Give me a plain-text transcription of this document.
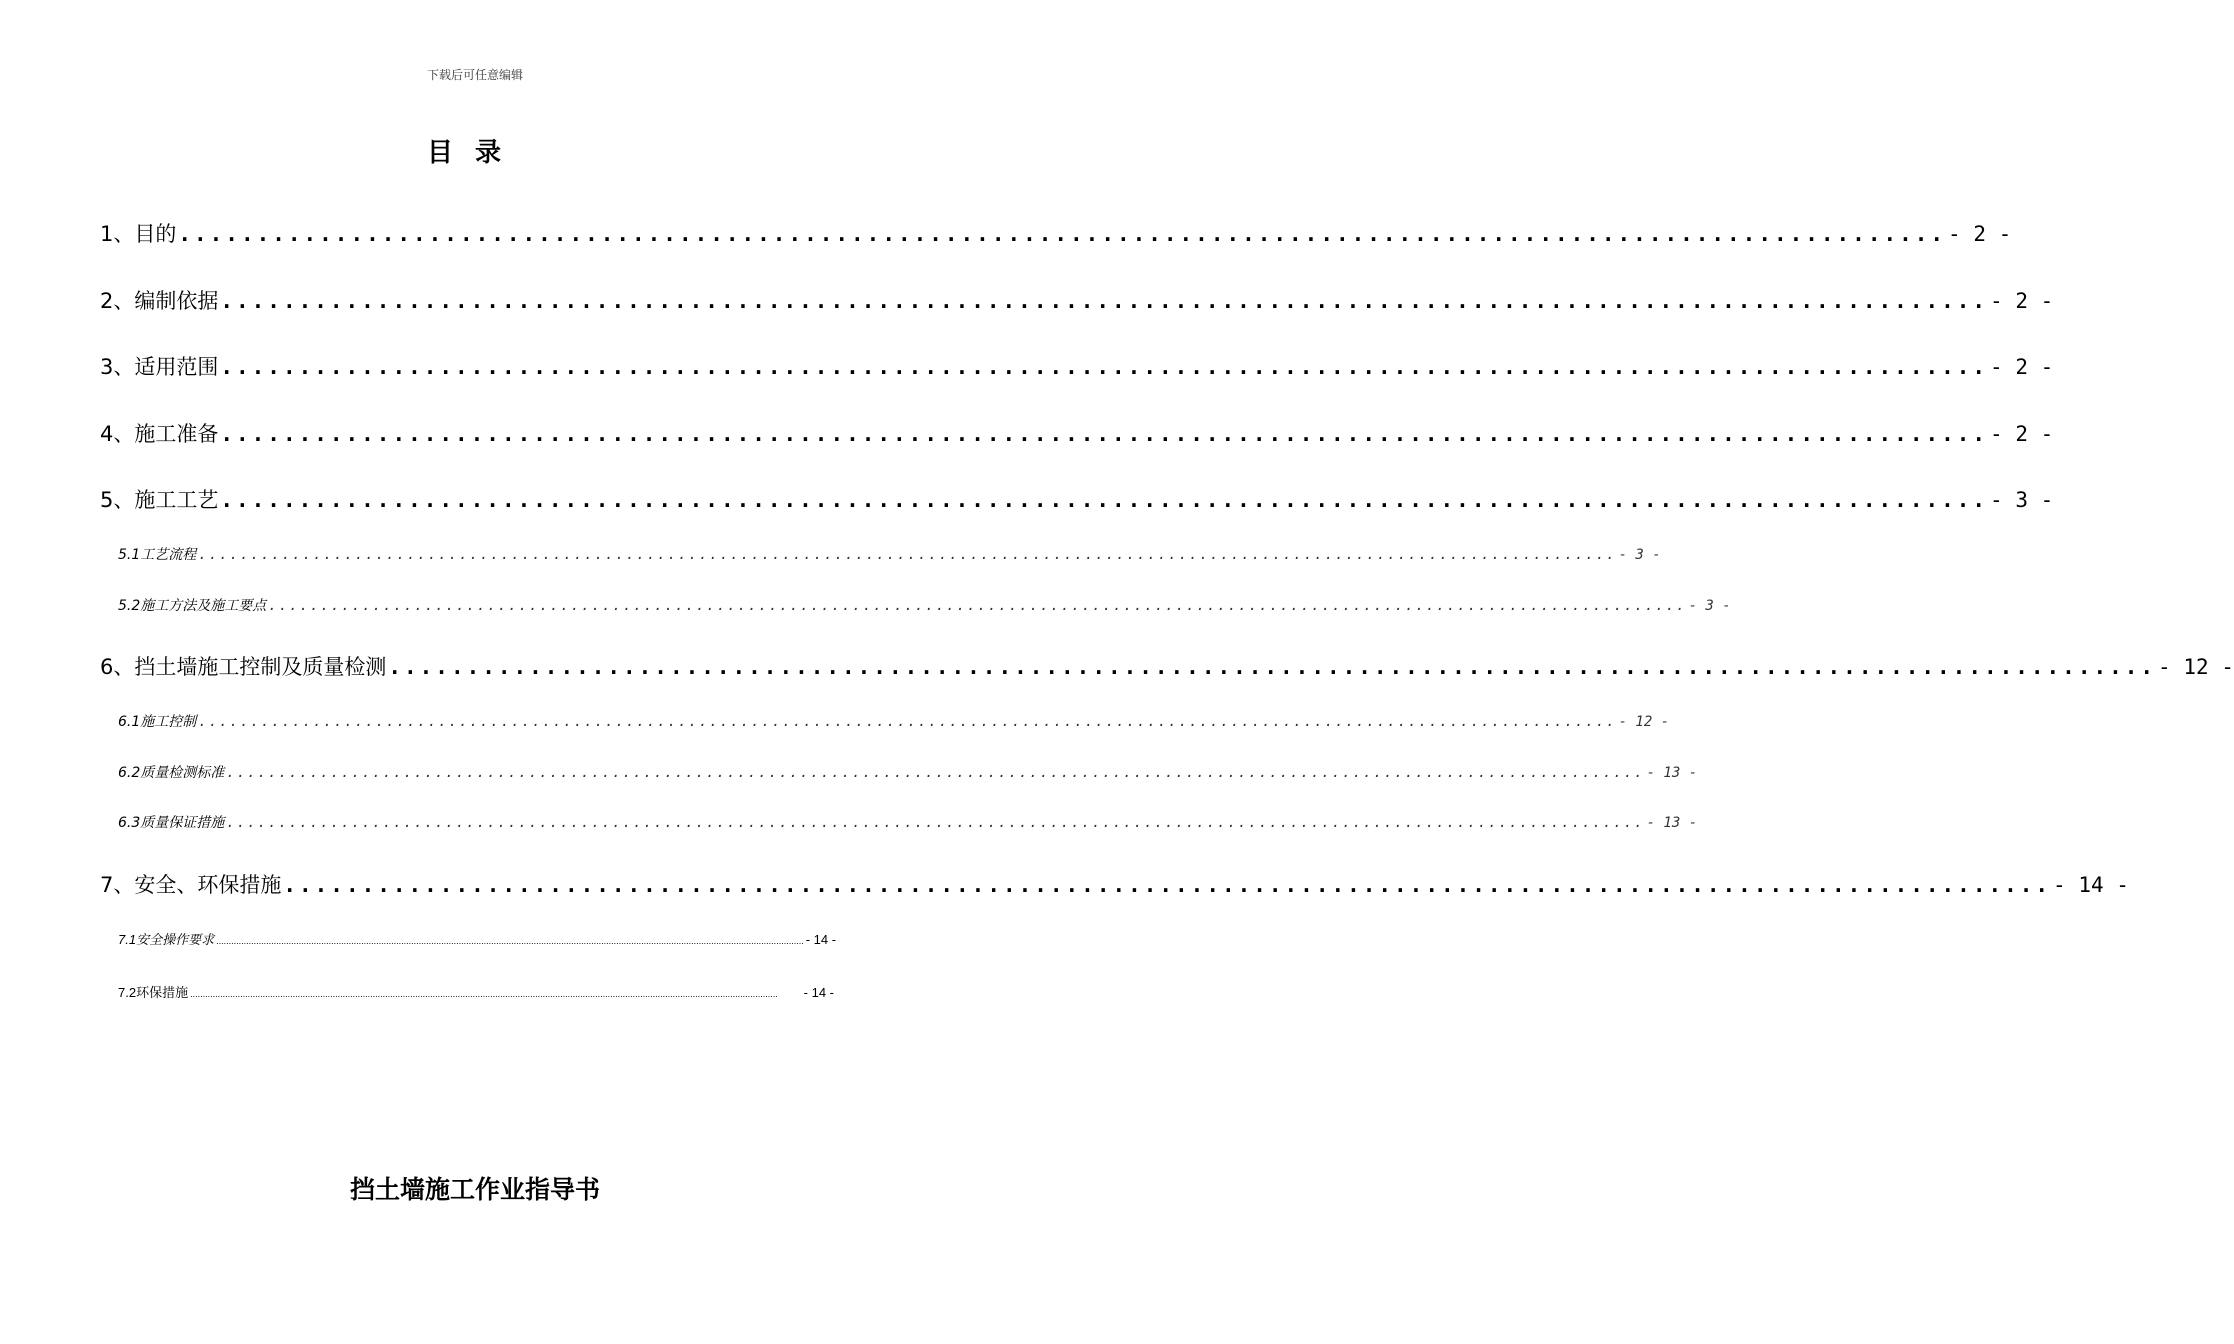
下载后可任意编辑
目录
1、目的 ................................................................................................................. - 2 -
2、编制依据 ................................................................................................................. - 2 -
3、适用范围 ................................................................................................................. - 2 -
4、施工准备 ................................................................................................................. - 2 -
5、施工工艺 ................................................................................................................. - 3 -
5.1工艺流程 ........................................................................................................................................ - 3 -
5.2施工方法及施工要点 ........................................................................................................................................ - 3 -
6、挡土墙施工控制及质量检测 ................................................................................................................. - 12 -
6.1施工控制 ........................................................................................................................................ - 12 -
6.2质量检测标准 ........................................................................................................................................ - 13 -
6.3质量保证措施 ........................................................................................................................................ - 13 -
7、安全、环保措施 ................................................................................................................. - 14 -
7.1安全操作要求 ........................................................................................................................................................................................................................................... - 14 -
7.2环保措施 ...........................................................................................................................................................................................................................................	- 14 -
挡土墙施工作业指导书
